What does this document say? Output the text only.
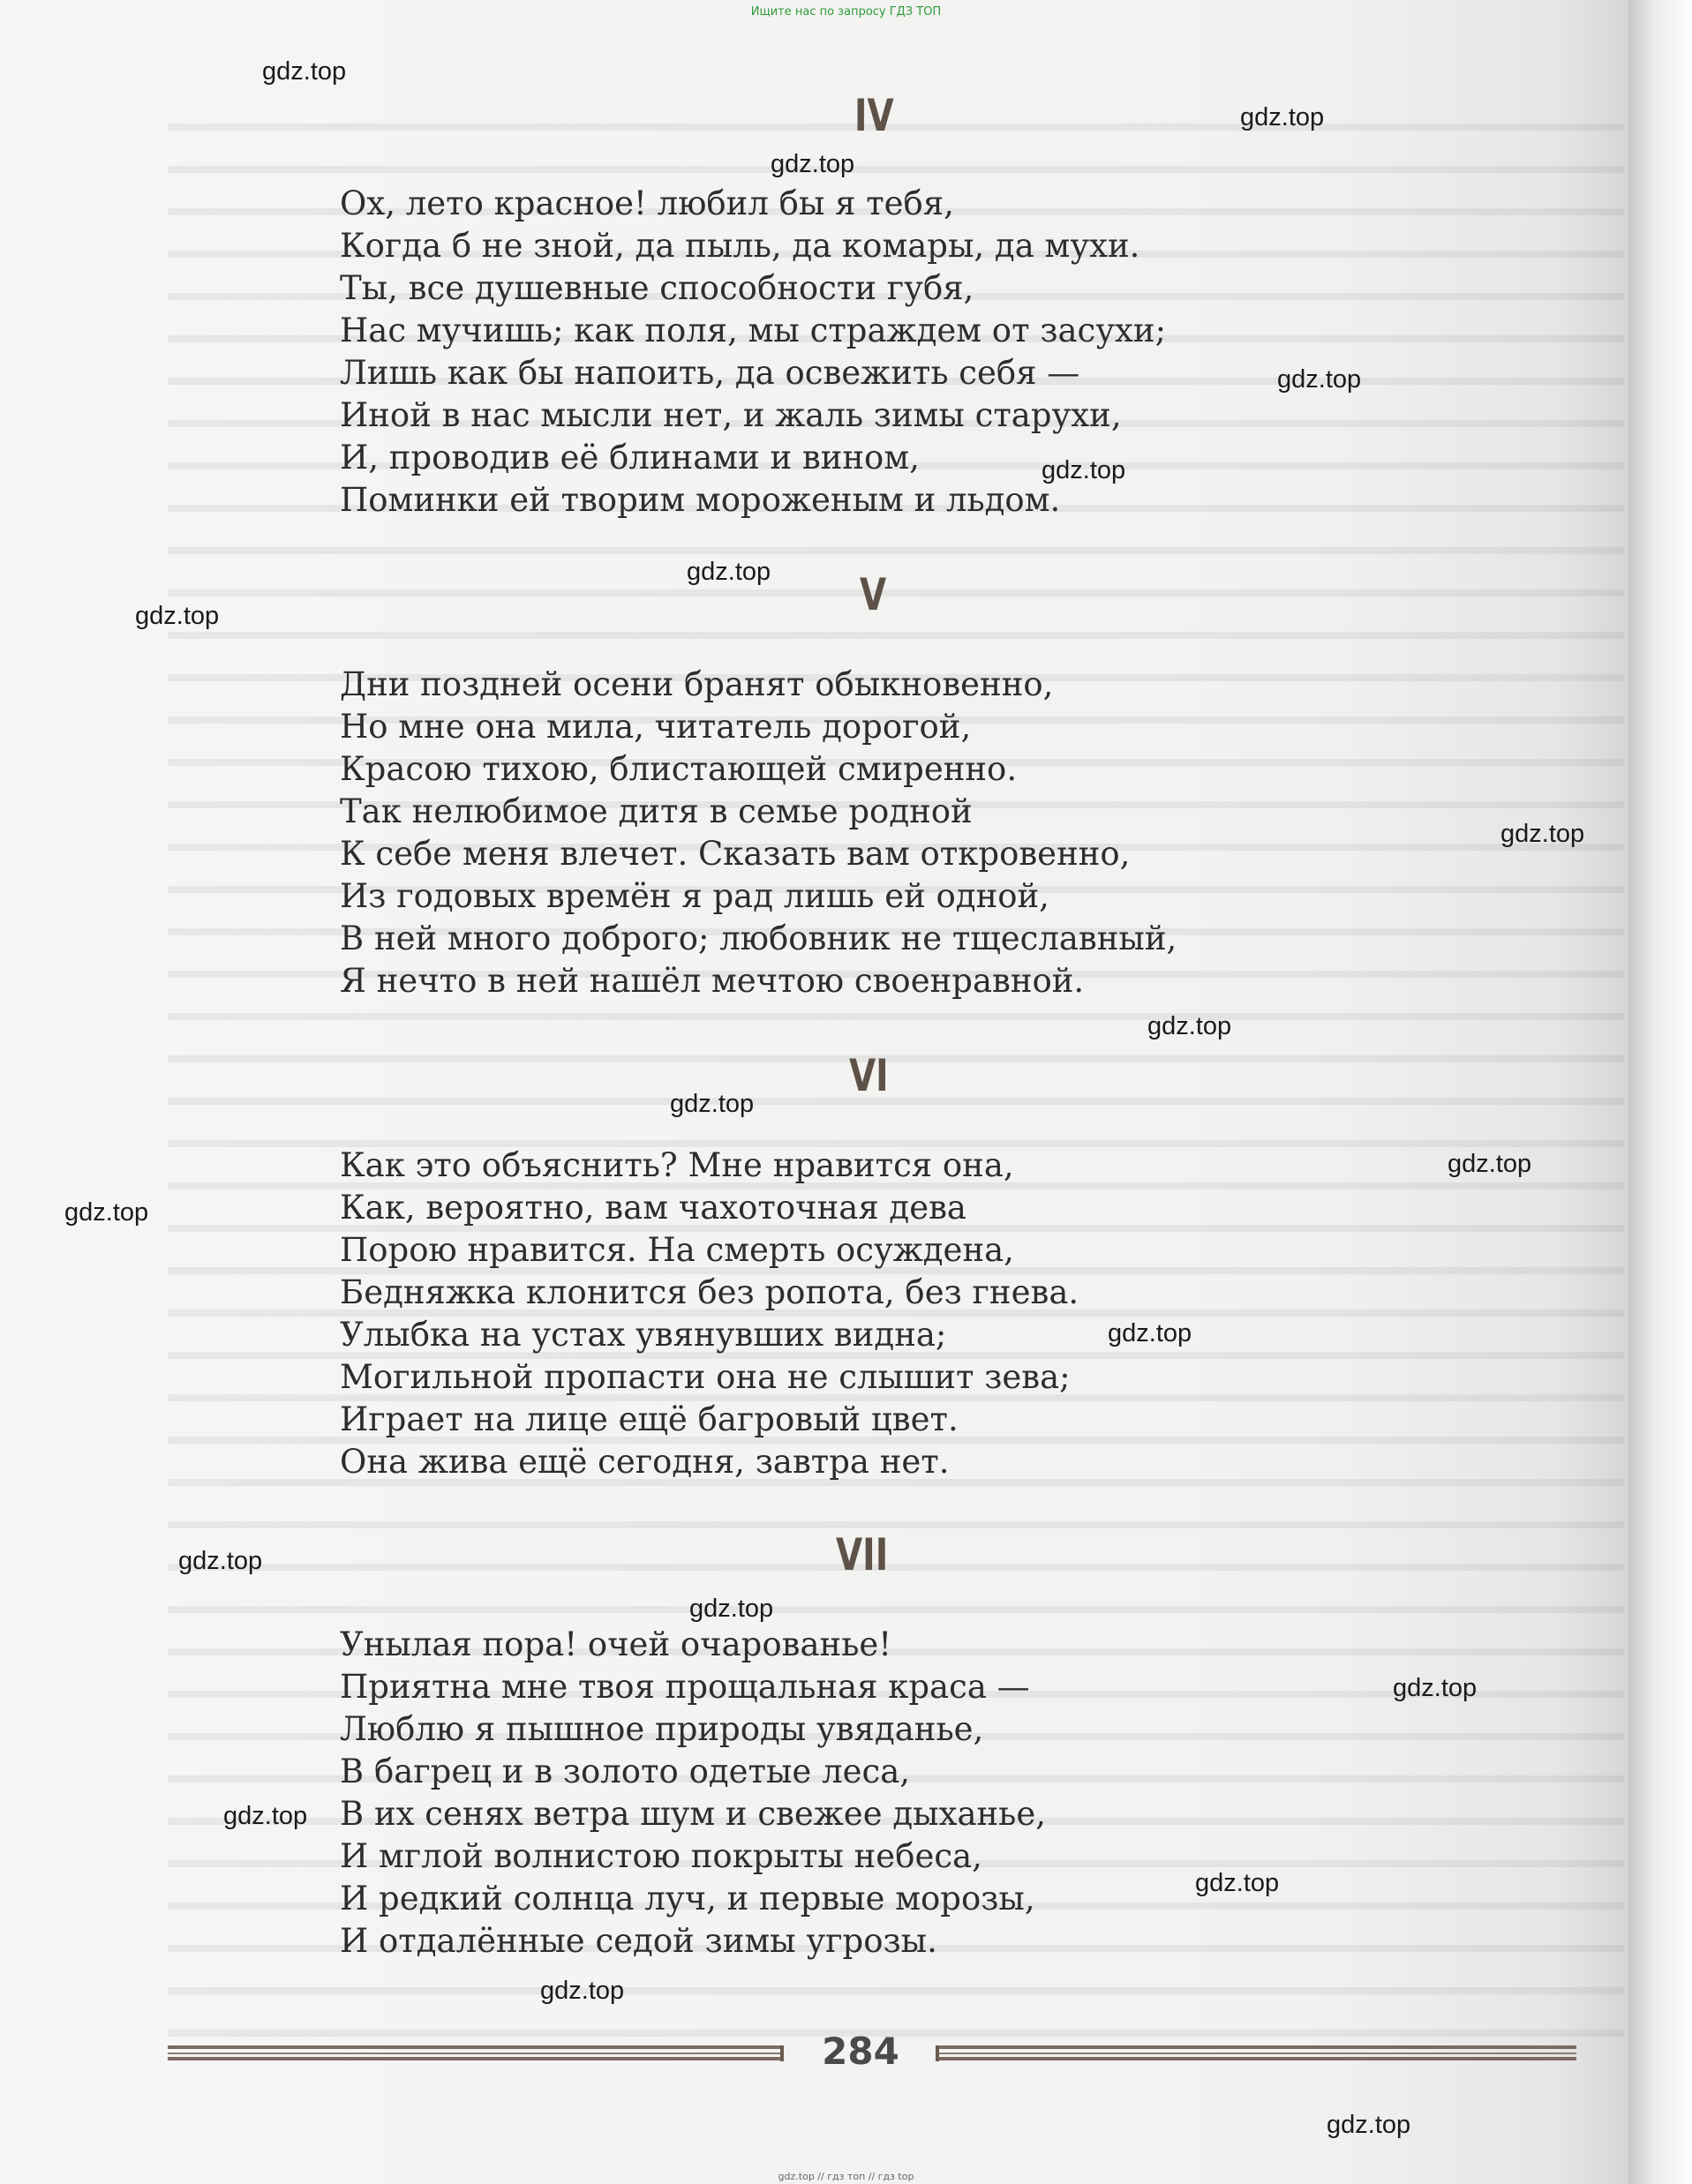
Ищите нас по запросу ГДЗ ТОП
IV
Ох, лето красное! любил бы я тебя,
Когда б не зной, да пыль, да комары, да мухи.
Ты, все душевные способности губя,
Нас мучишь; как поля, мы страждем от засухи;
Лишь как бы напоить, да освежить себя —
Иной в нас мысли нет, и жаль зимы старухи,
И, проводив её блинами и вином,
Поминки ей творим мороженым и льдом.
V
Дни поздней осени бранят обыкновенно,
Но мне она мила, читатель дорогой,
Красою тихою, блистающей смиренно.
Так нелюбимое дитя в семье родной
К себе меня влечет. Сказать вам откровенно,
Из годовых времён я рад лишь ей одной,
В ней много доброго; любовник не тщеславный,
Я нечто в ней нашёл мечтою своенравной.
VI
Как это объяснить? Мне нравится она,
Как, вероятно, вам чахоточная дева
Порою нравится. На смерть осуждена,
Бедняжка клонится без ропота, без гнева.
Улыбка на устах увянувших видна;
Могильной пропасти она не слышит зева;
Играет на лице ещё багровый цвет.
Она жива ещё сегодня, завтра нет.
VII
Унылая пора! очей очарованье!
Приятна мне твоя прощальная краса —
Люблю я пышное природы увяданье,
В багрец и в золото одетые леса,
В их сенях ветра шум и свежее дыханье,
И мглой волнистою покрыты небеса,
И редкий солнца луч, и первые морозы,
И отдалённые седой зимы угрозы.
gdz.top
gdz.top
gdz.top
gdz.top
gdz.top
gdz.top
gdz.top
gdz.top
gdz.top
gdz.top
gdz.top
gdz.top
gdz.top
gdz.top
gdz.top
gdz.top
gdz.top
gdz.top
gdz.top
gdz.top
284
gdz.top // гдз топ // гдз top
